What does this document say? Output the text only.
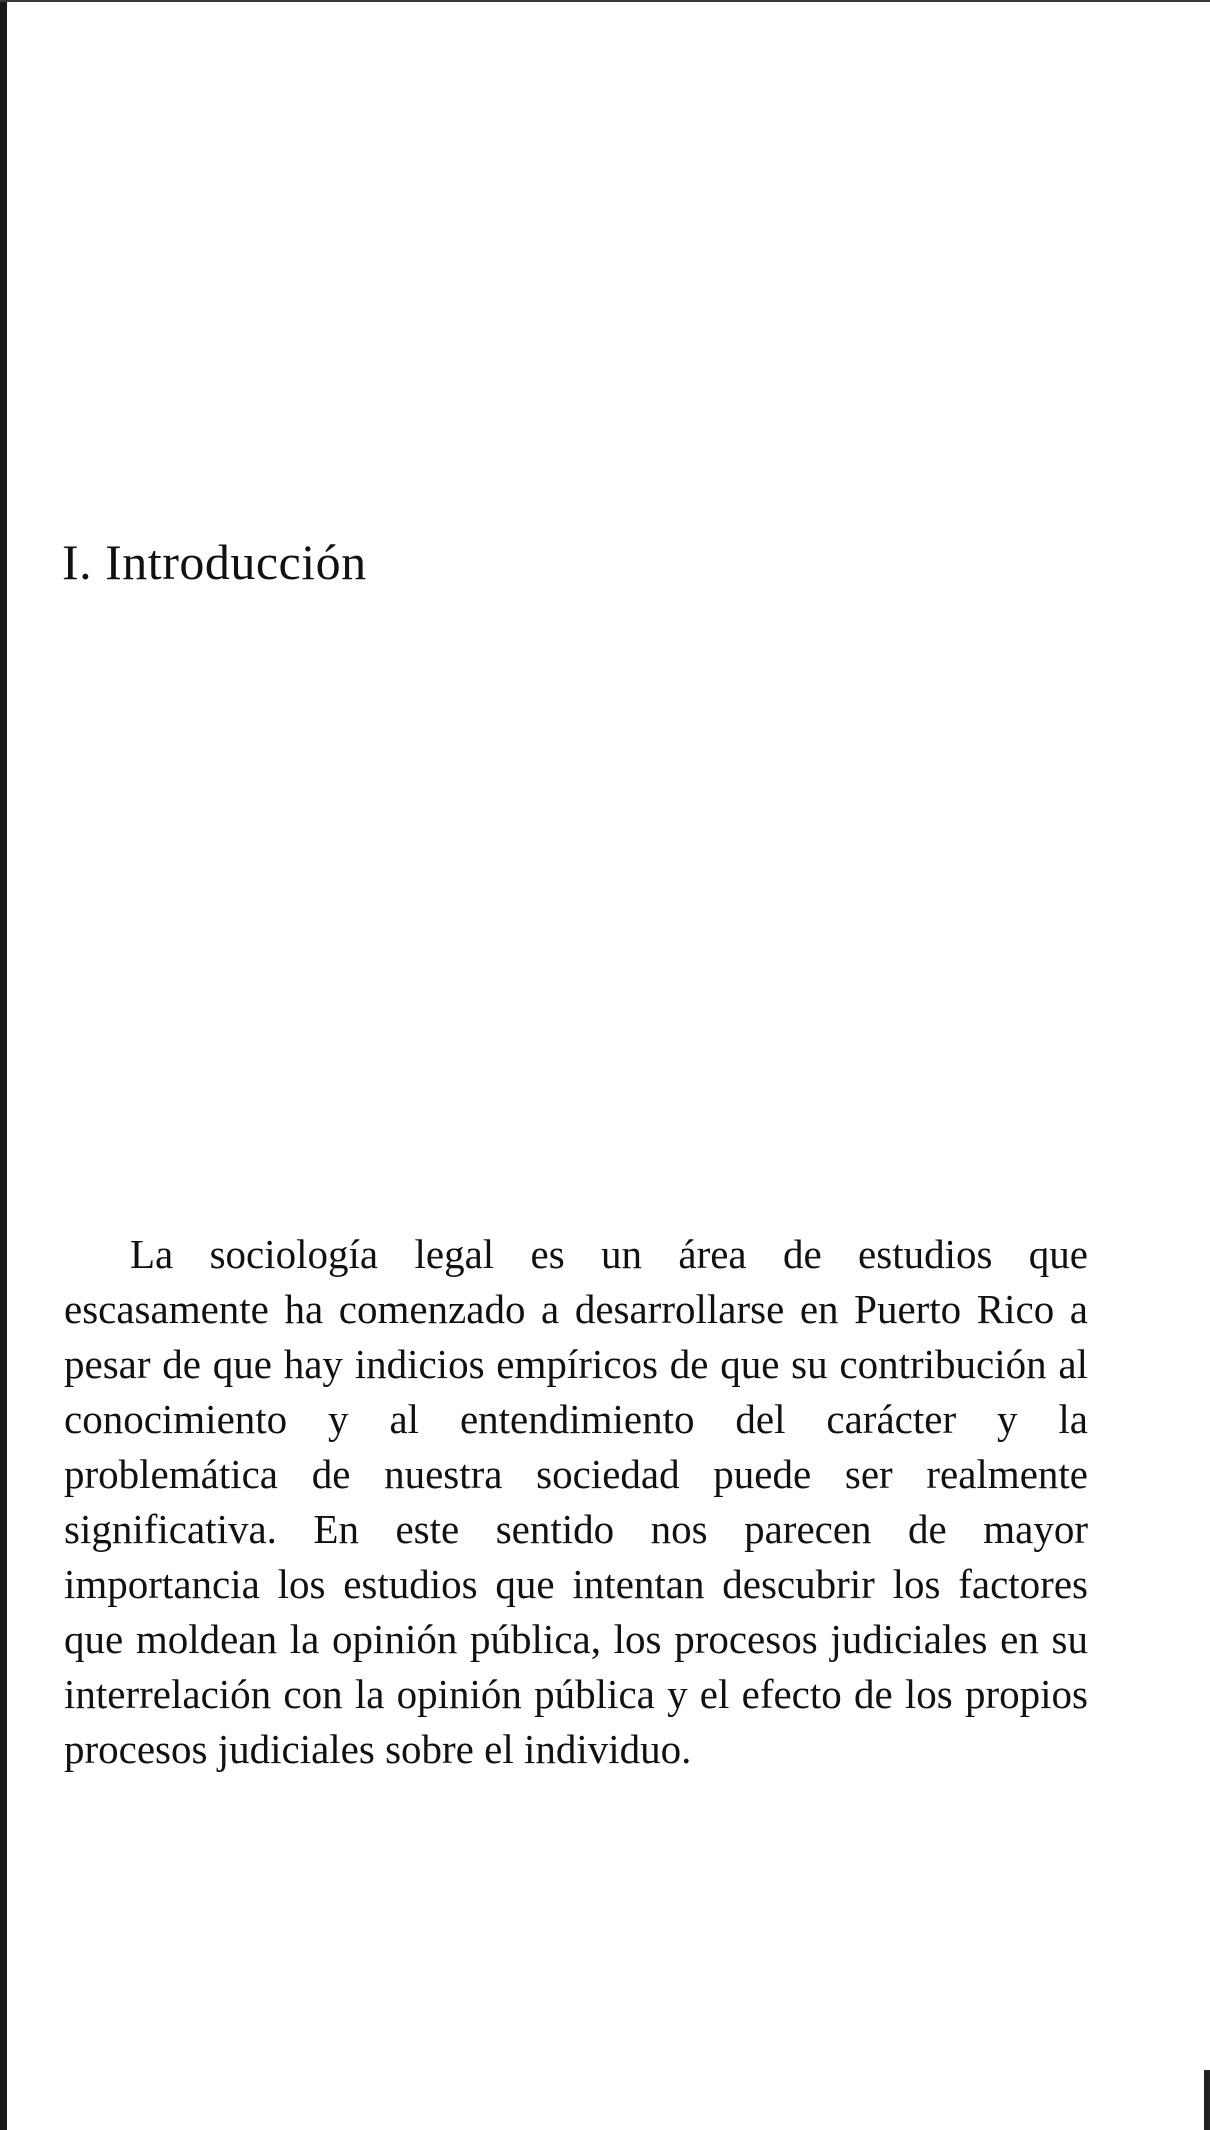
I. Introducción

La sociología legal es un área de estudios que escasamente ha comenzado a desarrollarse en Puerto Rico a pesar de que hay indicios empíricos de que su contribución al conocimiento y al entendimiento del carácter y la problemática de nuestra sociedad puede ser realmente significativa. En este sentido nos parecen de mayor importancia los estudios que intentan descubrir los factores que moldean la opinión pública, los procesos judiciales en su interrelación con la opinión pública y el efecto de los propios procesos judiciales sobre el individuo.
